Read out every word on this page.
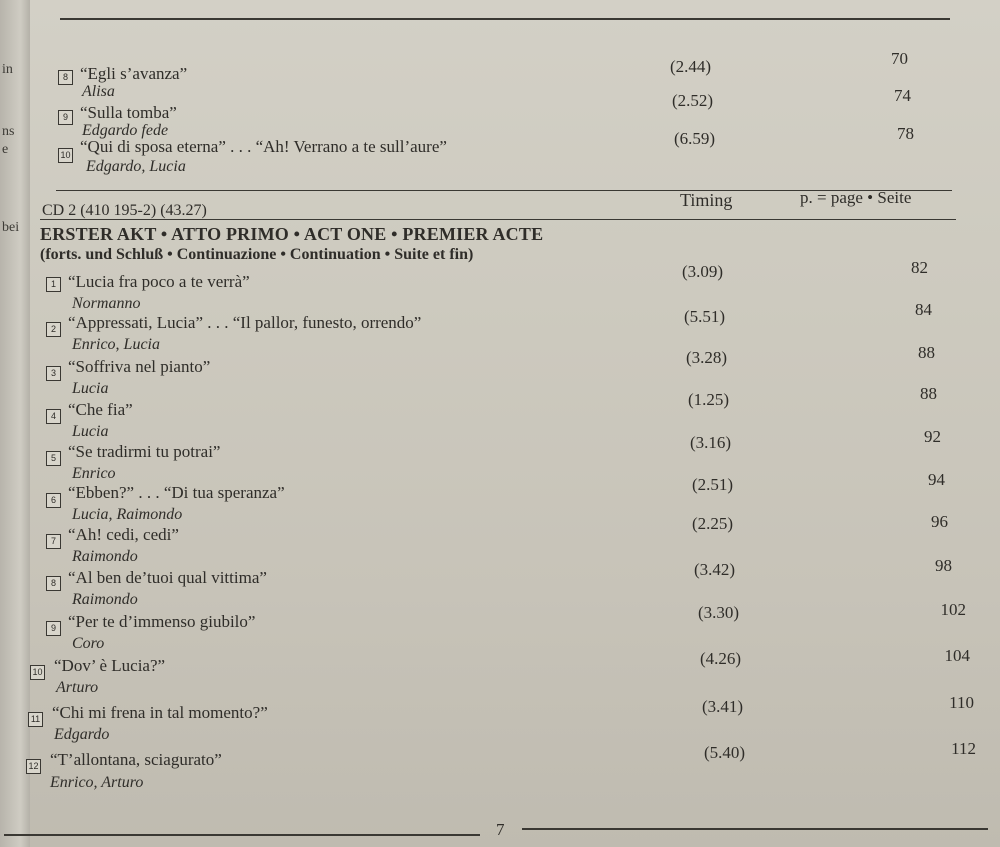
in
ns
e
bei
8 “Egli s’avanza”
Alisa
(2.44)	70
9 “Sulla tomba”
Edgardo fede
(2.52)	74
10 “Qui di sposa eterna” . . . “Ah! Verrano a te sull’aure”
Edgardo, Lucia
(6.59)	78
CD 2 (410 195-2) (43.27)
Timing	p. = page • Seite
ERSTER AKT • ATTO PRIMO • ACT ONE • PREMIER ACTE
(forts. und Schluß • Continuazione • Continuation • Suite et fin)
1 “Lucia fra poco a te verrà”
Normanno
(3.09)	82
2 “Appressati, Lucia” . . . “Il pallor, funesto, orrendo”
Enrico, Lucia
(5.51)	84
3 “Soffriva nel pianto”
Lucia
(3.28)	88
4 “Che fia”
Lucia
(1.25)	88
5 “Se tradirmi tu potrai”
Enrico
(3.16)	92
6 “Ebben?” . . . “Di tua speranza”
Lucia, Raimondo
(2.51)	94
7 “Ah! cedi, cedi”
Raimondo
(2.25)	96
8 “Al ben de’tuoi qual vittima”
Raimondo
(3.42)	98
9 “Per te d’immenso giubilo”
Coro
(3.30)	102
10 “Dov’ è Lucia?”
Arturo
(4.26)	104
11 “Chi mi frena in tal momento?”
Edgardo
(3.41)	110
12 “T’allontana, sciagurato”
Enrico, Arturo
(5.40)	112
7
